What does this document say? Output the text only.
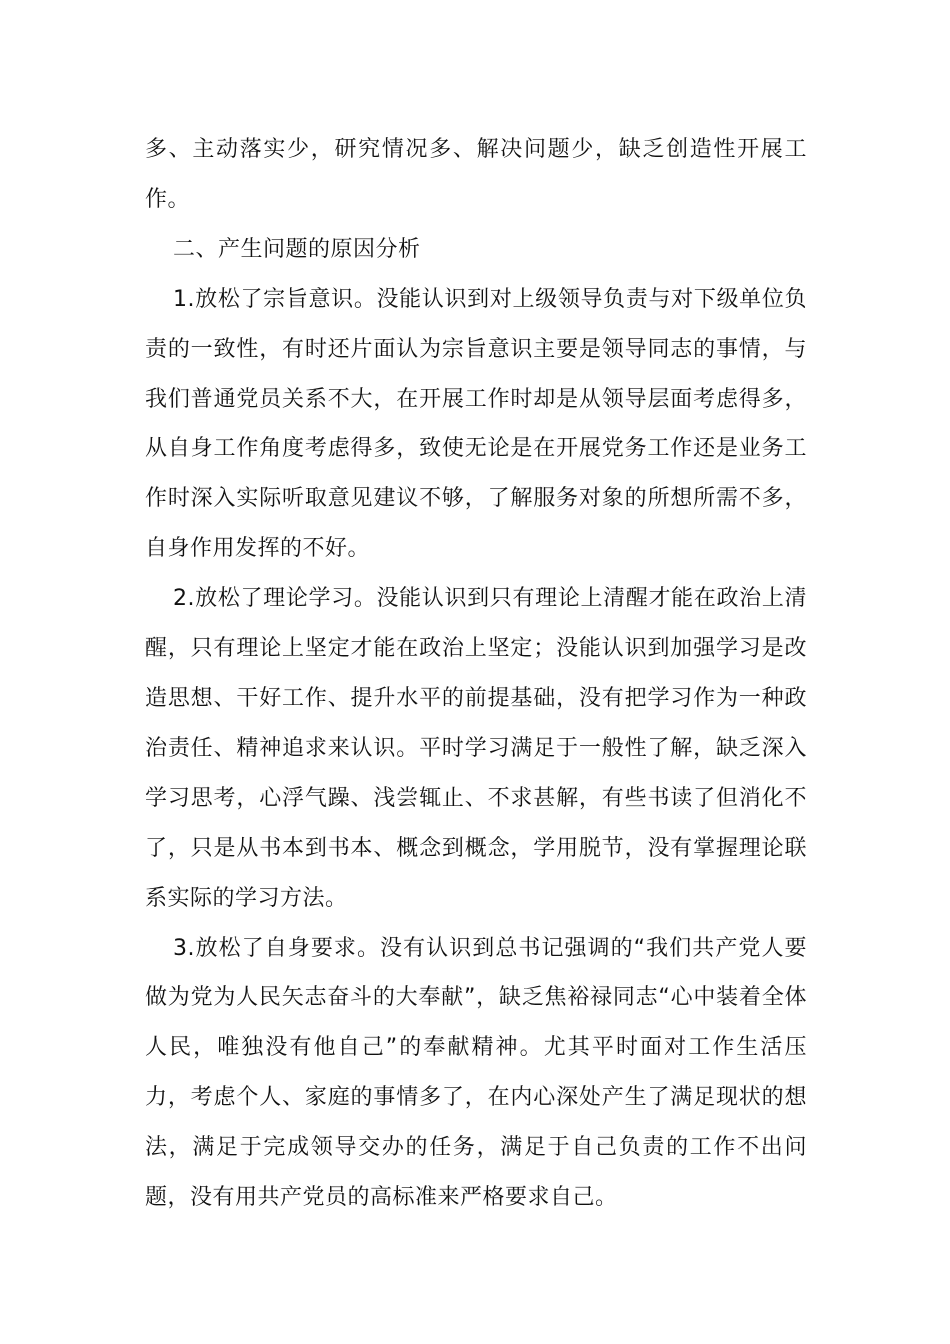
多、主动落实少，研究情况多、解决问题少，缺乏创造性开展工作。

二、产生问题的原因分析

1.放松了宗旨意识。没能认识到对上级领导负责与对下级单位负责的一致性，有时还片面认为宗旨意识主要是领导同志的事情，与我们普通党员关系不大，在开展工作时却是从领导层面考虑得多，从自身工作角度考虑得多，致使无论是在开展党务工作还是业务工作时深入实际听取意见建议不够，了解服务对象的所想所需不多，自身作用发挥的不好。

2.放松了理论学习。没能认识到只有理论上清醒才能在政治上清醒，只有理论上坚定才能在政治上坚定；没能认识到加强学习是改造思想、干好工作、提升水平的前提基础，没有把学习作为一种政治责任、精神追求来认识。平时学习满足于一般性了解，缺乏深入学习思考，心浮气躁、浅尝辄止、不求甚解，有些书读了但消化不了，只是从书本到书本、概念到概念，学用脱节，没有掌握理论联系实际的学习方法。

3.放松了自身要求。没有认识到总书记强调的“我们共产党人要做为党为人民矢志奋斗的大奉献”，缺乏焦裕禄同志“心中装着全体人民，唯独没有他自己”的奉献精神。尤其平时面对工作生活压力，考虑个人、家庭的事情多了，在内心深处产生了满足现状的想法，满足于完成领导交办的任务，满足于自己负责的工作不出问题，没有用共产党员的高标准来严格要求自己。
